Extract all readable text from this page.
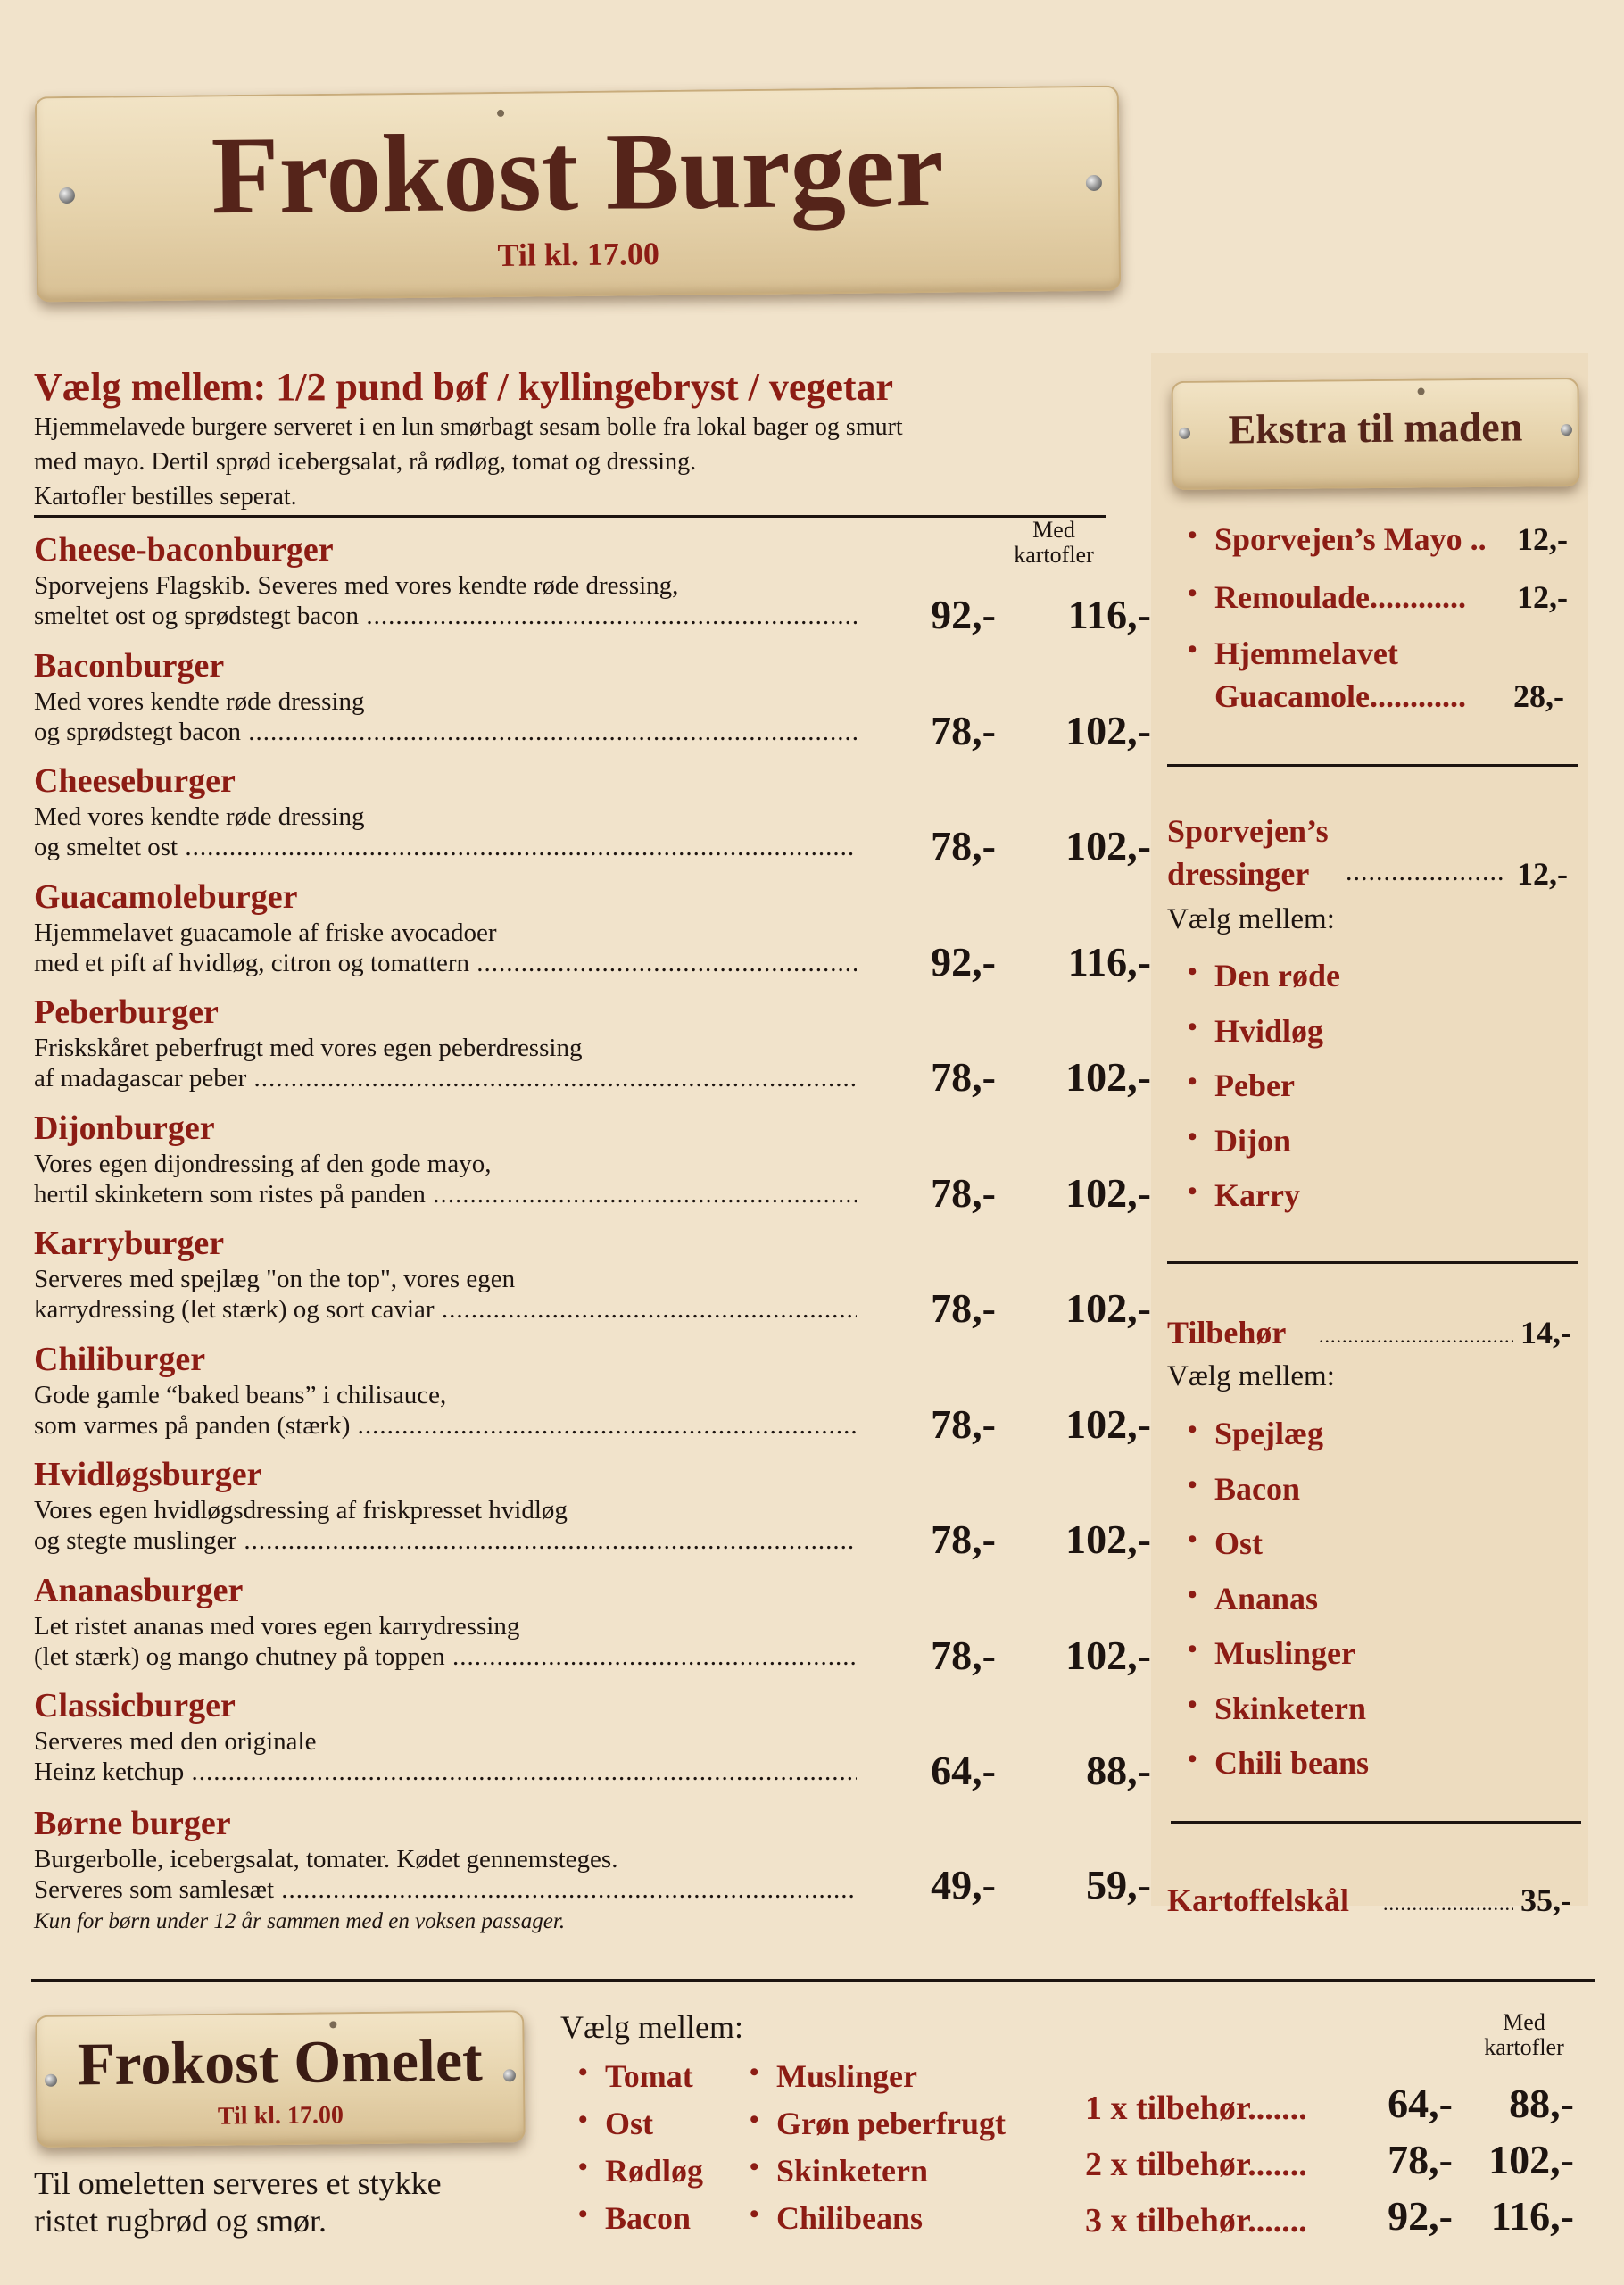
Frokost Burger
Til kl. 17.00
Vælg mellem: 1/2 pund bøf / kyllingebryst / vegetar
Hjemmelavede burgere serveret i en lun smørbagt sesam bolle fra lokal bager og smurt
med mayo. Dertil sprød icebergsalat, rå rødløg, tomat og dressing.
Kartofler bestilles seperat.
Med
kartofler
Cheese-baconburger
Sporvejens Flagskib. Severes med vores kendte røde dressing,
smeltet ost og sprødstegt bacon .....	92,-	116,-
Baconburger
Med vores kendte røde dressing
og sprødstegt bacon .....	78,-	102,-
Cheeseburger
Med vores kendte røde dressing
og smeltet ost .....	78,-	102,-
Guacamoleburger
Hjemmelavet guacamole af friske avocadoer
med et pift af hvidløg, citron og tomattern .....	92,-	116,-
Peberburger
Friskskåret peberfrugt med vores egen peberdressing
af madagascar peber .....	78,-	102,-
Dijonburger
Vores egen dijondressing af den gode mayo,
hertil skinketern som ristes på panden .....	78,-	102,-
Karryburger
Serveres med spejlæg "on the top", vores egen
karrydressing (let stærk) og sort caviar .....	78,-	102,-
Chiliburger
Gode gamle “baked beans” i chilisauce,
som varmes på panden (stærk) .....	78,-	102,-
Hvidløgsburger
Vores egen hvidløgsdressing af friskpresset hvidløg
og stegte muslinger .....	78,-	102,-
Ananasburger
Let ristet ananas med vores egen karrydressing
(let stærk) og mango chutney på toppen .....	78,-	102,-
Classicburger
Serveres med den originale
Heinz ketchup .....	64,-	88,-
Børne burger
Burgerbolle, icebergsalat, tomater. Kødet gennemsteges.
Serveres som samlesæt .....	49,-	59,-
Kun for børn under 12 år sammen med en voksen passager.
Ekstra til maden
• Sporvejen’s Mayo .. 12,-
• Remoulade............ 12,-
• Hjemmelavet
Guacamole............ 28,-
Sporvejen’s
dressinger .....	12,-
Vælg mellem:
• Den røde
• Hvidløg
• Peber
• Dijon
• Karry
Tilbehør .....	14,-
Vælg mellem:
• Spejlæg
• Bacon
• Ost
• Ananas
• Muslinger
• Skinketern
• Chili beans
Kartoffelskål .....	35,-
Frokost Omelet
Til kl. 17.00
Til omeletten serveres et stykke
ristet rugbrød og smør.
Vælg mellem:
• Tomat
• Ost
• Rødløg
• Bacon
• Muslinger
• Grøn peberfrugt
• Skinketern
• Chilibeans
Med
kartofler
1 x tilbehør.......	64,-	88,-
2 x tilbehør.......	78,- 102,-
3 x tilbehør.......	92,- 116,-
